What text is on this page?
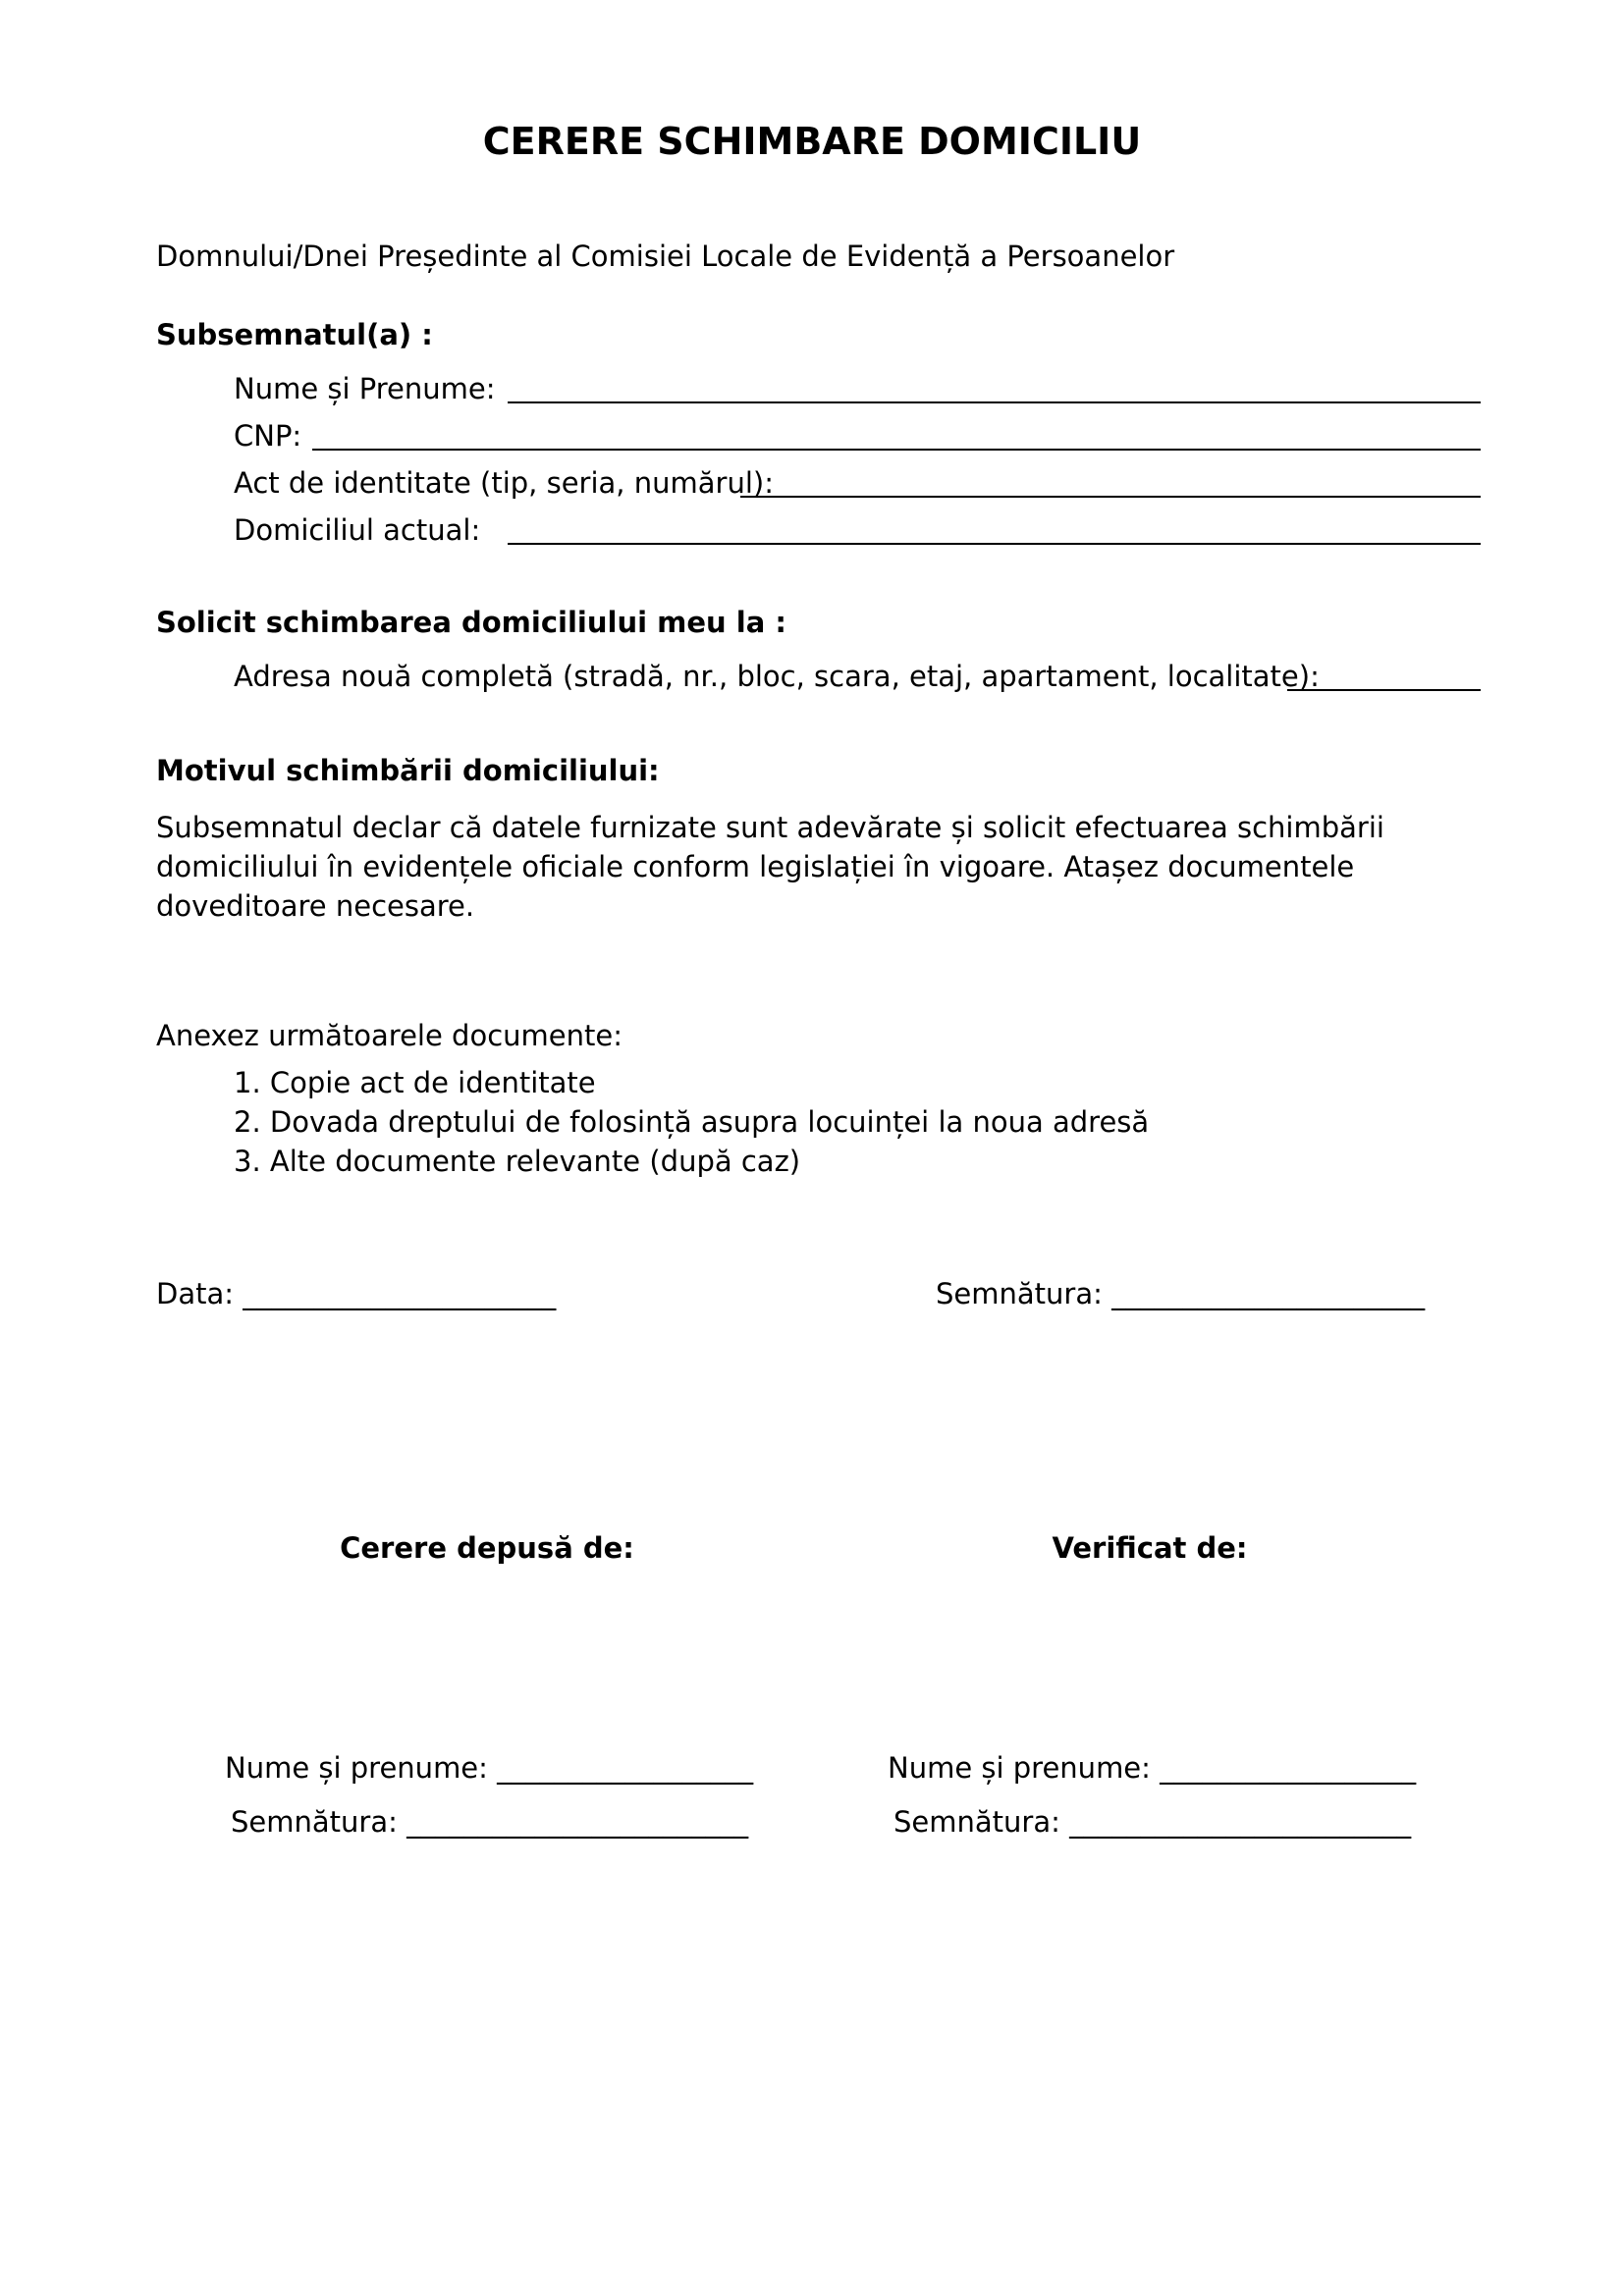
CERERE SCHIMBARE DOMICILIU
Domnului/Dnei Președinte al Comisiei Locale de Evidență a Persoanelor
Subsemnatul(a) :
Nume și Prenume:
CNP:
Act de identitate (tip, seria, numărul):
Domiciliul actual:
Solicit schimbarea domiciliului meu la :
Adresa nouă completă (stradă, nr., bloc, scara, etaj, apartament, localitate):
Motivul schimbării domiciliului:
Subsemnatul declar că datele furnizate sunt adevărate și solicit efectuarea schimbării domiciliului în evidențele oficiale conform legislației în vigoare. Atașez documentele doveditoare necesare.
Anexez următoarele documente:
1. Copie act de identitate
2. Dovada dreptului de folosință asupra locuinței la noua adresă
3. Alte documente relevante (după caz)
Data: ______________________	Semnătura: ______________________
Cerere depusă de:	Verificat de:
Nume și prenume: __________________	Nume și prenume: __________________
Semnătura: ________________________	Semnătura: ________________________
